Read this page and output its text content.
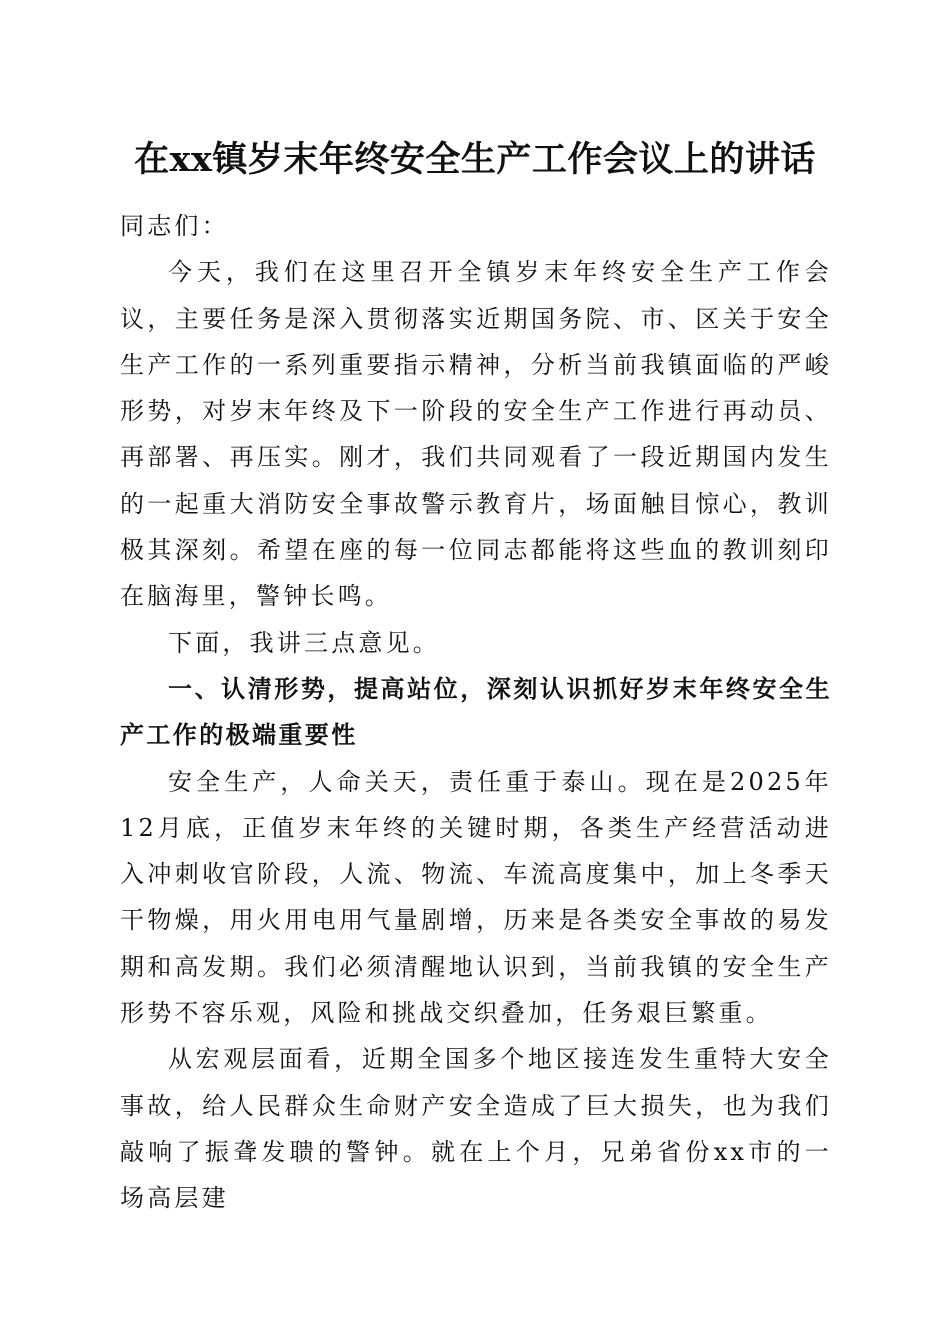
在xx镇岁末年终安全生产工作会议上的讲话

同志们：

今天，我们在这里召开全镇岁末年终安全生产工作会议，主要任务是深入贯彻落实近期国务院、市、区关于安全生产工作的一系列重要指示精神，分析当前我镇面临的严峻形势，对岁末年终及下一阶段的安全生产工作进行再动员、再部署、再压实。刚才，我们共同观看了一段近期国内发生的一起重大消防安全事故警示教育片，场面触目惊心，教训极其深刻。希望在座的每一位同志都能将这些血的教训刻印在脑海里，警钟长鸣。

下面，我讲三点意见。

一、认清形势，提高站位，深刻认识抓好岁末年终安全生产工作的极端重要性

安全生产，人命关天，责任重于泰山。现在是2025年12月底，正值岁末年终的关键时期，各类生产经营活动进入冲刺收官阶段，人流、物流、车流高度集中，加上冬季天干物燥，用火用电用气量剧增，历来是各类安全事故的易发期和高发期。我们必须清醒地认识到，当前我镇的安全生产形势不容乐观，风险和挑战交织叠加，任务艰巨繁重。

从宏观层面看，近期全国多个地区接连发生重特大安全事故，给人民群众生命财产安全造成了巨大损失，也为我们敲响了振聋发聩的警钟。就在上个月，兄弟省份xx市的一场高层建
